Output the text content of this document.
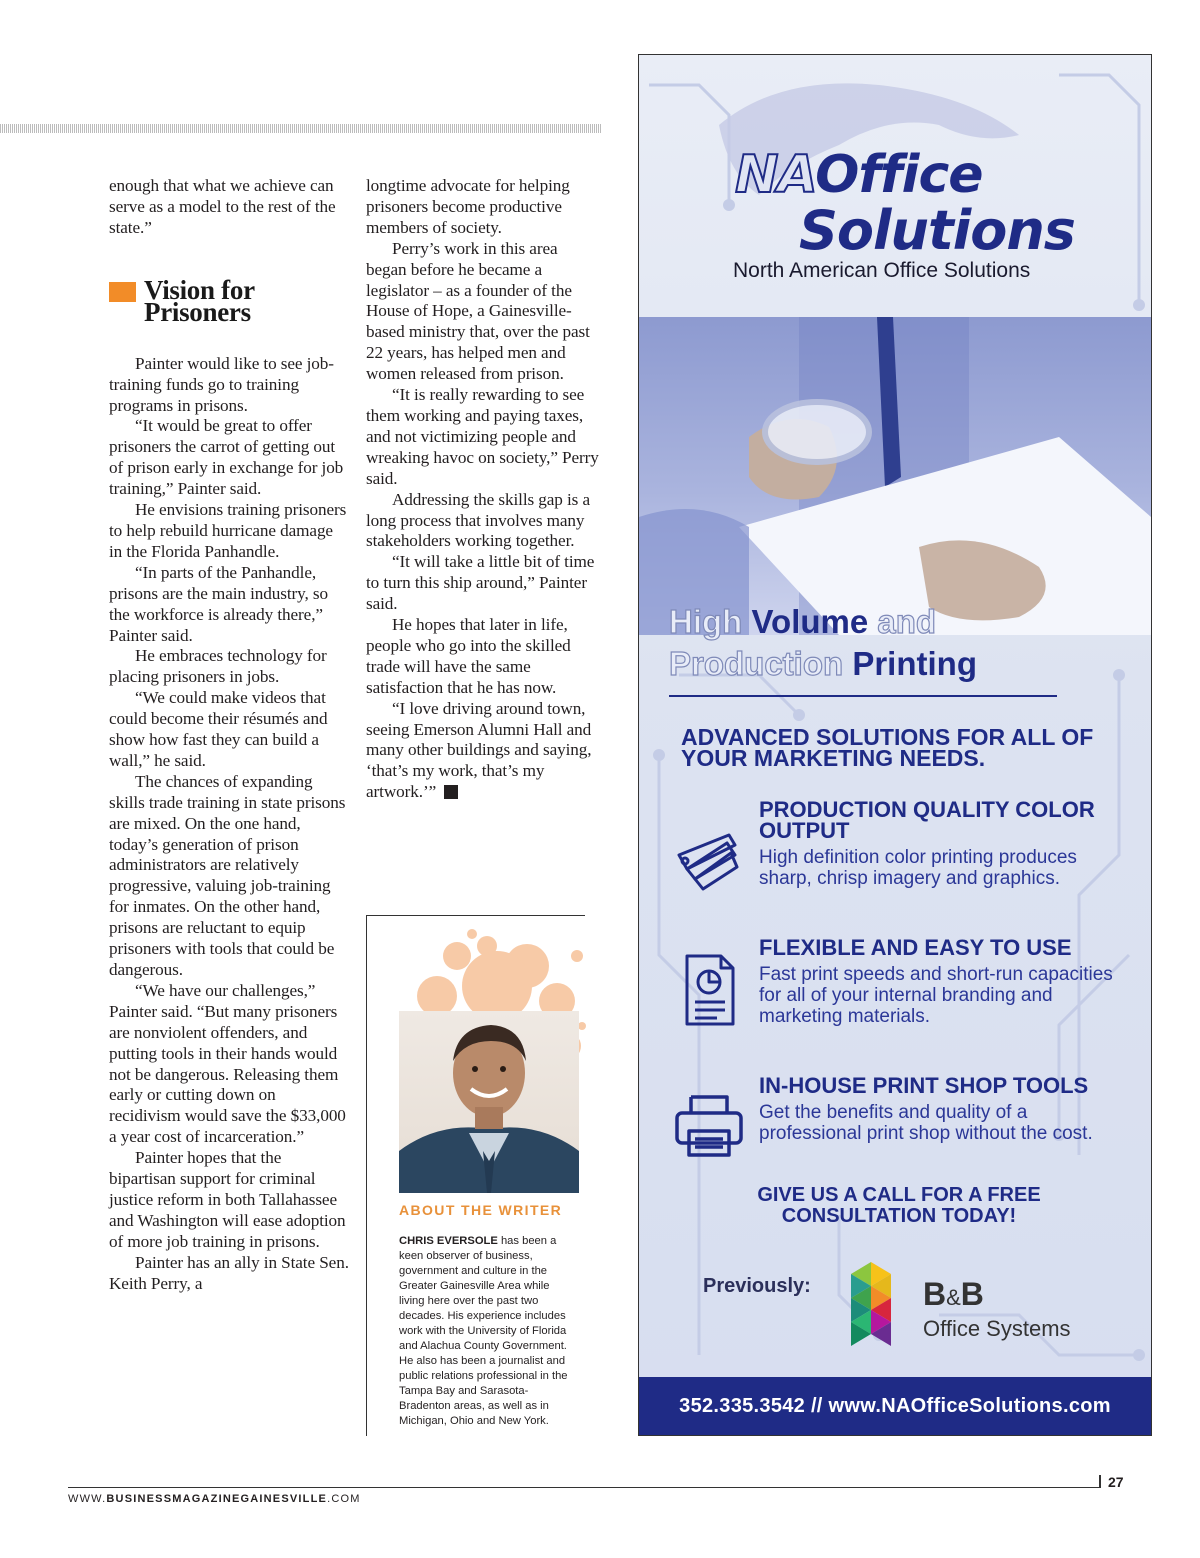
enough that what we achieve can serve as a model to the rest of the state.”

Vision for Prisoners

Painter would like to see job-training funds go to training programs in prisons.

“It would be great to offer prisoners the carrot of getting out of prison early in exchange for job training,” Painter said.

He envisions training prisoners to help rebuild hurricane damage in the Florida Panhandle.

“In parts of the Panhandle, prisons are the main industry, so the workforce is already there,” Painter said.

He embraces technology for placing prisoners in jobs.

“We could make videos that could become their résumés and show how fast they can build a wall,” he said.

The chances of expanding skills trade training in state prisons are mixed. On the one hand, today’s generation of prison administrators are relatively progressive, valuing job-training for inmates. On the other hand, prisons are reluctant to equip prisoners with tools that could be dangerous.

“We have our challenges,” Painter said. “But many prisoners are nonviolent offenders, and putting tools in their hands would not be dangerous. Releasing them early or cutting down on recidivism would save the $33,000 a year cost of incarceration.”

Painter hopes that the bipartisan support for criminal justice reform in both Tallahassee and Washington will ease adoption of more job training in prisons.

Painter has an ally in State Sen. Keith Perry, a

longtime advocate for helping prisoners become productive members of society.

Perry’s work in this area began before he became a legislator – as a founder of the House of Hope, a Gainesville-based ministry that, over the past 22 years, has helped men and women released from prison.

“It is really rewarding to see them working and paying taxes, and not victimizing people and wreaking havoc on society,” Perry said.

Addressing the skills gap is a long process that involves many stakeholders working together.

“It will take a little bit of time to turn this ship around,” Painter said.

He hopes that later in life, people who go into the skilled trade will have the same satisfaction that he has now.

“I love driving around town, seeing Emerson Alumni Hall and many other buildings and saying, ‘that’s my work, that’s my artwork.’”	B

ABOUT THE WRITER
CHRIS EVERSOLE has been a keen observer of business, government and culture in the Greater Gainesville Area while living here over the past two decades. His experience includes work with the University of Florida and Alachua County Government. He also has been a journalist and public relations professional in the Tampa Bay and Sarasota-Bradenton areas, as well as in Michigan, Ohio and New York.
NAOffice
Solutions
North American Office Solutions
High Volume and
Production Printing
ADVANCED SOLUTIONS FOR ALL OF YOUR MARKETING NEEDS.
PRODUCTION QUALITY COLOR OUTPUT
High definition color printing produces sharp, chrisp imagery and graphics.
FLEXIBLE AND EASY TO USE
Fast print speeds and short-run capacities for all of your internal branding and marketing materials.
IN-HOUSE PRINT SHOP TOOLS
Get the benefits and quality of a professional print shop without the cost.
GIVE US A CALL FOR A FREE CONSULTATION TODAY!
Previously:	B&B
Office Systems
352.335.3542 // www.NAOfficeSolutions.com
WWW.BUSINESSMAGAZINEGAINESVILLE.COM
27
